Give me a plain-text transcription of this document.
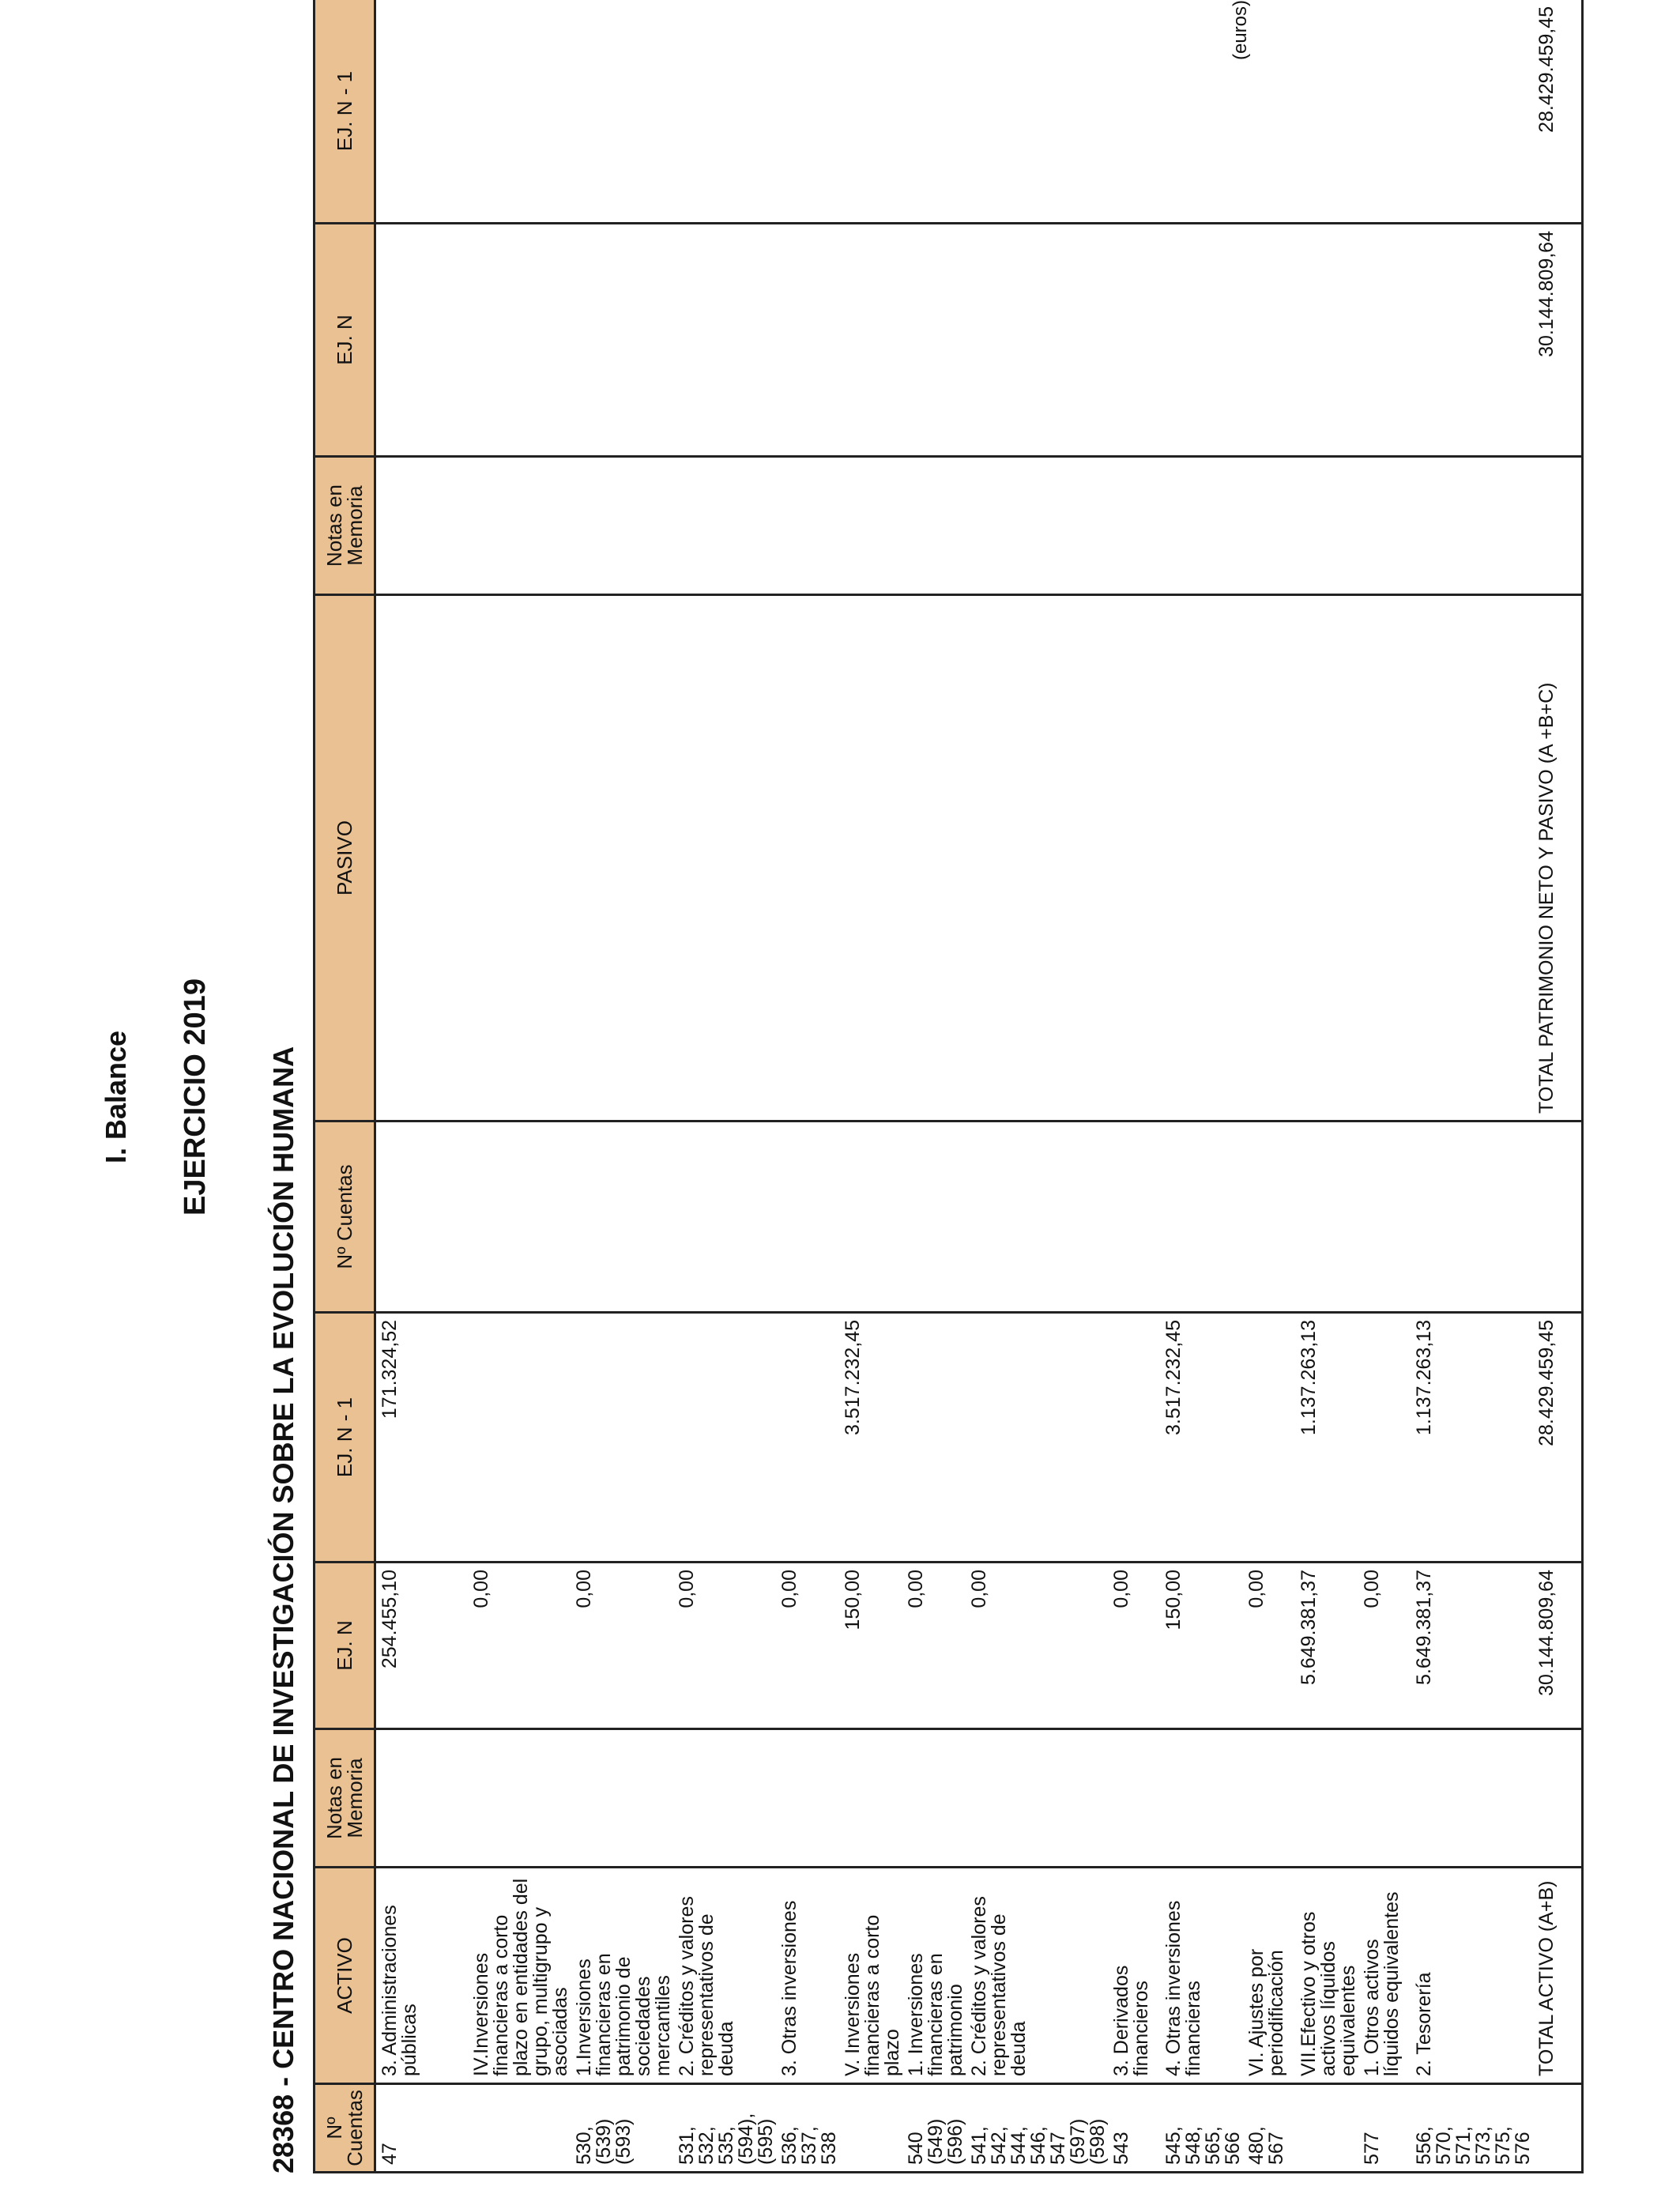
I. Balance EJERCICIO 2019 28368 - CENTRO NACIONAL DE INVESTIGACIÓN SOBRE LA EVOLUCIÓN HUMANA
(euros)
Nº Cuentas	ACTIVO	Notas en Memoria	EJ. N	EJ. N - 1	Nº Cuentas	PASIVO	Notas en Memoria	EJ. N	EJ. N - 1
47	3. Administraciones públicas		254.455,10	171.324,52					
	IV.Inversiones financieras a corto plazo en entidades del grupo, multigrupo y asociadas		0,00						
530, (539) (593)	1.Inversiones financieras en patrimonio de sociedades mercantiles		0,00						
531, 532, 535, (594), (595)	2. Créditos y valores representativos de deuda		0,00						
536, 537, 538	3. Otras inversiones		0,00						
	V. Inversiones financieras a corto plazo		150,00	3.517.232,45					
540 (549) (596)	1. Inversiones financieras en patrimonio		0,00						
541, 542, 544, 546, 547 (597) (598)	2. Créditos y valores representativos de deuda		0,00						
543	3. Derivados financieros		0,00						
545, 548, 565, 566	4. Otras inversiones financieras		150,00	3.517.232,45					
480, 567	VI. Ajustes por periodificación		0,00						
	VII.Efectivo y otros activos líquidos equivalentes		5.649.381,37	1.137.263,13					
577	1. Otros activos líquidos equivalentes		0,00						
556, 570, 571, 573, 575, 576	2. Tesorería		5.649.381,37	1.137.263,13					
	TOTAL ACTIVO (A+B)		30.144.809,64	28.429.459,45		TOTAL PATRIMONIO NETO Y PASIVO (A +B+C)		30.144.809,64	28.429.459,45
